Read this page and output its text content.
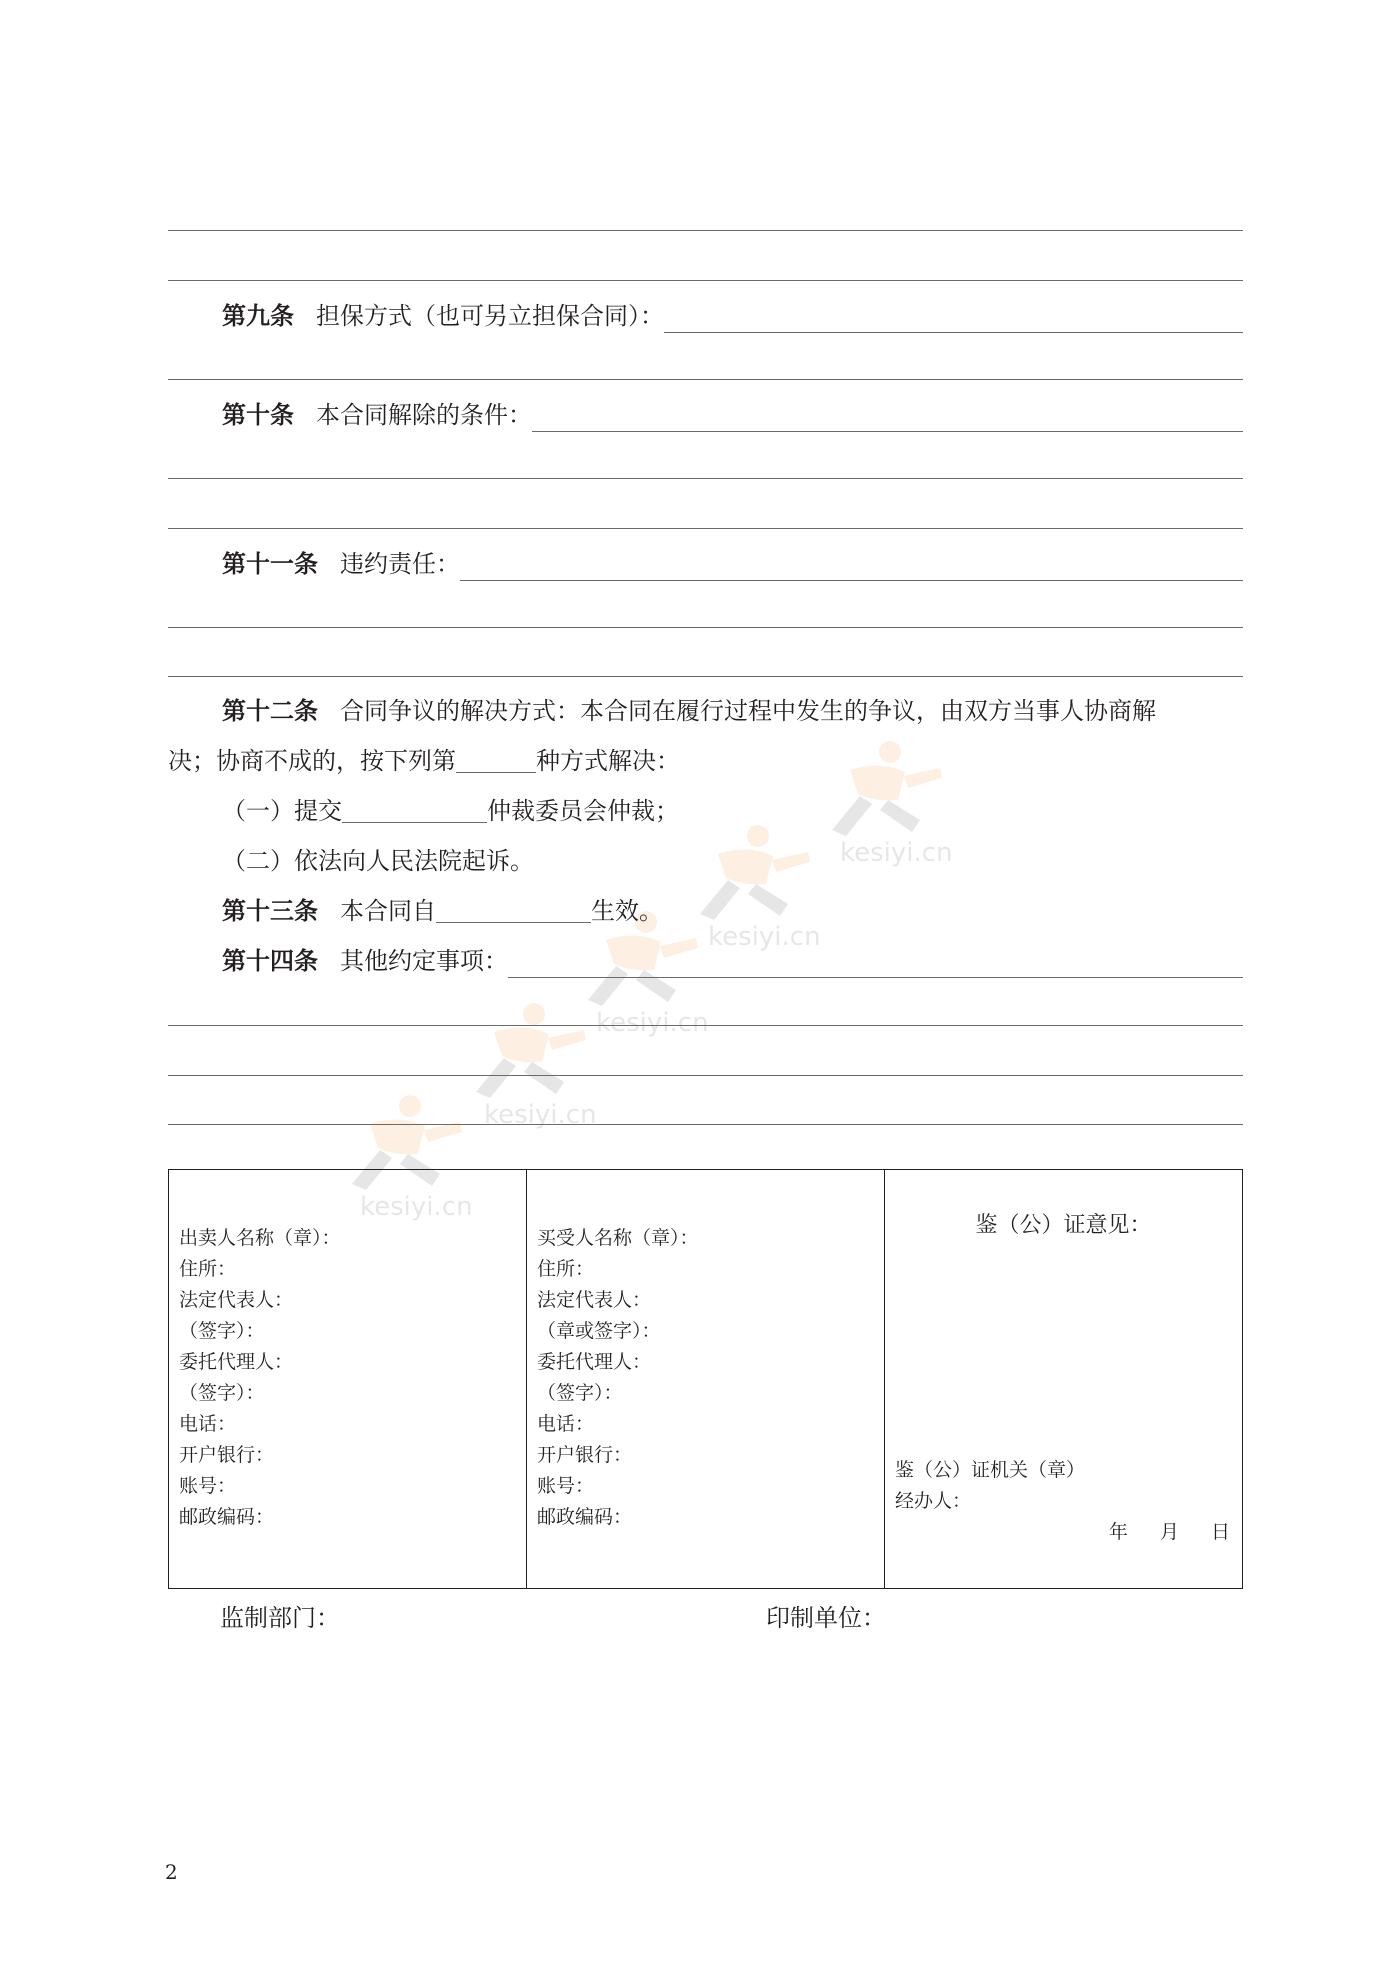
kesiyi.cn
kesiyi.cn
kesiyi.cn
kesiyi.cn
kesiyi.cn
第九条 担保方式（也可另立担保合同）：
第十条 本合同解除的条件：
第十一条 违约责任：
第十二条 合同争议的解决方式：本合同在履行过程中发生的争议，由双方当事人协商解
决；协商不成的，按下列第	种方式解决：
（一）提交	仲裁委员会仲裁；
（二）依法向人民法院起诉。
第十三条 本合同自	生效。
第十四条 其他约定事项：
出卖人名称（章）：
住所：
法定代表人：
（签字）：
委托代理人：
（签字）：
电话：
开户银行：
账号：
邮政编码：

买受人名称（章）：
住所：
法定代表人：
（章或签字）：
委托代理人：
（签字）：
电话：
开户银行：
账号：
邮政编码：

鉴（公）证意见：
鉴（公）证机关（章）
经办人：
年 月 日
监制部门：	印制单位：
2
